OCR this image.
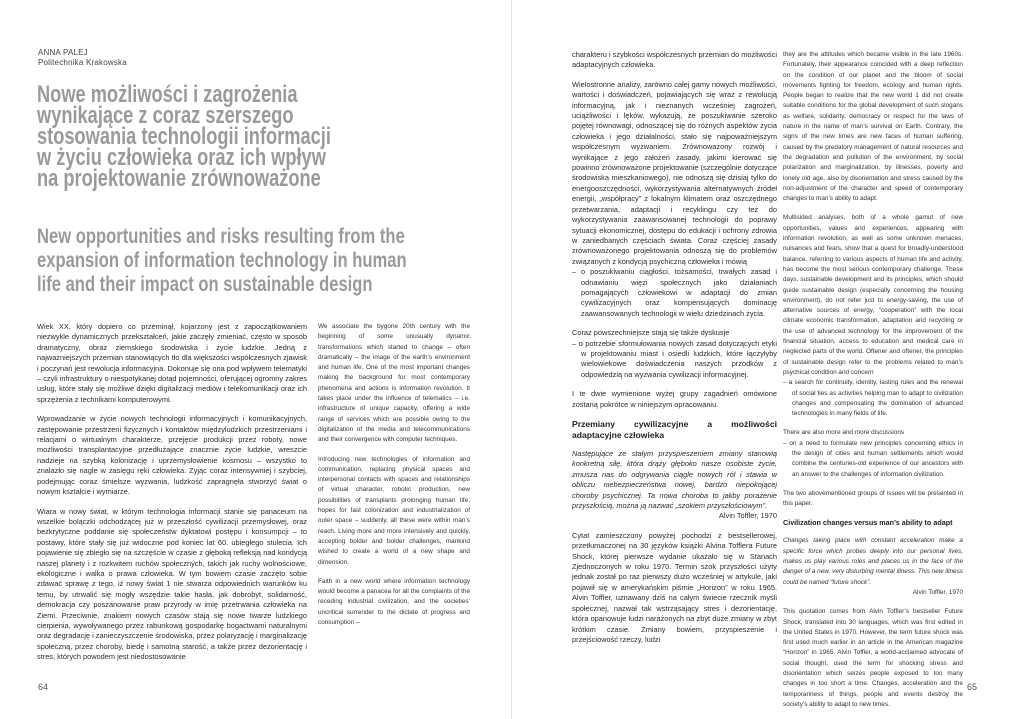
ANNA PALEJ
Politechnika Krakowska
Nowe możliwości i zagrożenia
wynikające z coraz szerszego
stosowania technologii informacji
w życiu człowieka oraz ich wpływ
na projektowanie zrównoważone
New opportunities and risks resulting from the
expansion of information technology in human
life and their impact on sustainable design

Wiek XX, który dopiero co przeminął, kojarzony jest z zapoczątkowaniem niezwykle dynamicznych przekształceń, jakie zaczęły zmieniać, często w sposób dramatyczny, obraz ziemskiego środowiska i życie ludzkie. Jedną z najważniejszych przemian stanowiących tło dla większości współczesnych zjawisk i poczynań jest rewolucja informacyjna. Dokonuje się ona pod wpływem telematyki – czyli infrastruktury o niespotykanej dotąd pojemności, oferującej ogromny zakres usług, które stały się możliwe dzięki digitalizacji mediów i telekomunikacji oraz ich sprzężenia z technikami komputerowymi.

Wprowadzanie w życie nowych technologii informacyjnych i komunikacyjnych, zastępowanie przestrzeni fizycznych i kontaktów międzyludzkich przestrzeniami i relacjami o wirtualnym charakterze, przejęcie produkcji przez roboty, nowe możliwości transplantacyjne przedłużające znacznie życie ludzkie, wreszcie nadzieje na szybką kolonizację i uprzemysłowienie kosmosu – wszystko to znalazło się nagle w zasięgu ręki człowieka. Zyjąc coraz intensywniej i szybciej, podejmując coraz śmielsze wyzwania, ludzkość zapragnęła stworzyć świat o nowym kształcie i wymiarze.

Wiara w nowy świat, w którym technologia informacji stanie się panaceum na wszelkie bolączki odchodzącej już w przeszłość cywilizacji przemysłowej, oraz bezkrytyczne poddanie się społeczeństw dyktatowi postępu i konsumpcji – to postawy, które stały się już widoczne pod koniec lat 60. ubiegłego stulecia. Ich pojawienie się zbiegło się na szczęście w czasie z głęboką refleksją nad kondycją naszej planety i z rozkwitem ruchów społecznych, takich jak ruchy wolnościowe, ekologiczne i walka o prawa człowieka. W tym bowiem czasie zaczęto sobie zdawać sprawę z tego, iż nowy świat 1 nie stwarza odpowiednich warunków ku temu, by utrwalić się mogły wszędzie takie hasła, jak dobrobyt, solidarność, demokracja czy poszanowanie praw przyrody w imię przetrwania człowieka na Ziemi. Przeciwnie, znakiem nowych czasów stają się nowe twarze ludzkiego cierpienia, wywoływanego przez rabunkową gospodarkę bogactwami naturalnymi oraz degradację i zanieczyszczenie środowiska, przez polaryzację i marginalizację społeczną, przez choroby, biedę i samotną starość, a także przez dezorientację i stres, których powodem jest niedostosowanie

We associate the bygone 20th century with the beginning of some unusually dynamic transformations which started to change – often dramatically – the image of the earth’s environment and human life. One of the most important changes making the background for most contemporary phenomena and actions is information revolution. It takes place under the influence of telematics – i.e. infrastructure of unique capacity, offering a wide range of services which are possible owing to the digitalization of the media and telecommunications and their convergence with computer techniques.

Introducing new technologies of information and communication, replacing physical spaces and interpersonal contacts with spaces and relationships of virtual character, robotic production, new possibilities of transplants prolonging human life, hopes for fast colonization and industrialization of outer space – suddenly, all these were within man’s reach. Living more and more intensively and quickly, accepting bolder and bolder challenges, mankind wished to create a world of a new shape and dimension.

Faith in a new world where information technology would become a panacea for all the complaints of the receding industrial civilization, and the societies’ uncritical surrender to the dictate of progress and consumption –

charakteru i szybkości współczesnych przemian do możliwości adaptacyjnych człowieka.

Wielostronne analizy, zarówno całej gamy nowych możliwości, wartości i doświadczeń, pojawiających się wraz z rewolucją informacyjną, jak i nieznanych wcześniej zagrożeń, uciążliwości i lęków, wykazują, że poszukiwanie szeroko pojętej równowagi, odnoszącej się do różnych aspektów życia człowieka i jego działalności, stało się najpoważniejszym współczesnym wyzwaniem. Zrównoważony rozwój i wynikające z jego założeń zasady, jakimi kierować się powinno zrównoważone projektowanie (szczególnie dotyczące środowiska mieszkaniowego), nie odnoszą się dzisiaj tylko do energooszczędności, wykorzystywania alternatywnych źródeł energii, „współpracy” z lokalnym klimatem oraz oszczędnego przetwarzania, adaptacji i recyklingu czy też do wykorzystywania zaawansowanej technologii do poprawy sytuacji ekonomicznej, dostępu do edukacji i ochrony zdrowia w zaniedbanych częściach świata. Coraz częściej zasady zrównoważonego projektowania odnoszą się do problemów związanych z kondycją psychiczną człowieka i mówią

– o poszukiwaniu ciągłości, tożsamości, trwałych zasad i odnawianiu więzi społecznych jako działaniach pomagających człowiekowi w adaptacji do zmian cywilizacyjnych oraz kompensujących dominację zaawansowanych technologii w wielu dziedzinach życia.

Coraz powszechniejsze stają się także dyskusje

– o potrzebie sformułowania nowych zasad dotyczących etyki w projektowaniu miast i osiedli ludzkich, które łączyłyby wielowiekowe doświadczenia naszych przodków z odpowiedzią na wyzwania cywilizacji informacyjnej.

I te dwie wymienione wyżej grupy zagadnień omówione zostaną pokrótce w niniejszym opracowaniu.

Przemiany cywilizacyjne a możliwości adaptacyjne człowieka

Następujące ze stałym przyspieszeniem zmiany stanowią konkretną siłę, która drąży głęboko nasze osobiste życie, zmusza nas do odgrywania ciągle nowych ról i stawia w obliczu niebezpieczeństwa nowej, bardzo niepokojącej choroby psychicznej. Ta nowa choroba to jakby porażenie przyszłością, można ją nazwać „szokiem przyszłościowym”.

Alvin Toffler, 1970

Cytat zamieszczony powyżej pochodzi z bestsellerowej, przetłumaczonej na 30 języków książki Alvina Tofflera Future Shock, której pierwsze wydanie ukazało się w Stanach Zjednoczonych w roku 1970. Termin szok przyszłości użyty jednak został po raz pierwszy dużo wcześniej w artykule, jaki pojawił się w amerykańskim piśmie „Horizon” w roku 1965. Alvin Toffler, uznawany dziś na całym świecie rzecznik myśli społecznej, nazwał tak wstrząsający stres i dezorientację, która opanowuje ludzi narażonych na zbyt duże zmiany w zbyt krótkim czasie. Zmiany bowiem, przyspieszenie i przejściowość rzeczy, ludzi

they are the attitudes which became visible in the late 1960s. Fortunately, their appearance coincided with a deep reflection on the condition of our planet and the bloom of social movements fighting for freedom, ecology and human rights. People began to realize that the new world 1 did not create suitable conditions for the global development of such slogans as welfare, solidarity, democracy or respect for the laws of nature in the name of man’s survival on Earth. Contrary, the signs of the new times are new faces of human suffering, caused by the predatory management of natural resources and the degradation and pollution of the environment, by social polarization and marginalization, by illnesses, poverty and lonely old age, also by disorientation and stress caused by the non-adjustment of the character and speed of contemporary changes to man’s ability to adapt.

Multisided analyses, both of a whole gamut of new opportunities, values and experiences, appearing with information revolution, as well as some unknown menaces, nuisances and fears, show that a quest for broadly-understood balance, referring to various aspects of human life and activity, has become the most serious contemporary challenge. These days, sustainable development and its principles, which should guide sustainable design (especially concerning the housing environment), do not refer just to energy-saving, the use of alternative sources of energy, “cooperation” with the local climate economic transformation, adaptation and recycling or the use of advanced technology for the improvement of the financial situation, access to education and medical care in neglected parts of the world. Oftener and oftener, the principles of sustainable design refer to the problems related to man’s psychical condition and concern

– a search for continuity, identity, lasting rules and the renewal of social ties as activities helping man to adapt to civilization changes and compensating the domination of advanced technologies in many fields of life.

There are also more and more discussions

– on a need to formulate new principles concerning ethics in the design of cities and human settlements which would combine the centuries-old experience of our ancestors with an answer to the challenges of information civilization.

The two abovementioned groups of issues will be presented in this paper.

Civilization changes versus man’s ability to adapt

Changes taking place with constant acceleration make a specific force which probes deeply into our personal lives, makes us play various roles and places us in the face of the danger of a new, very disturbing mental illness. This new illness could be named “future shock”.

Alvin Toffler, 1970

This quotation comes from Alvin Toffler’s bestseller Future Shock, translated into 30 languages, which was first edited in the United States in 1970. However, the term future shock was first used much earlier in an article in the American magazine “Horizon” in 1965. Alvin Toffler, a world-acclaimed advocate of social thought, used the term for shocking stress and disorientation which seizes people exposed to too many changes in too short a time. Changes, acceleration and the temporariness of things, people and events destroy the society’s ability to adapt to new times.

64	65
